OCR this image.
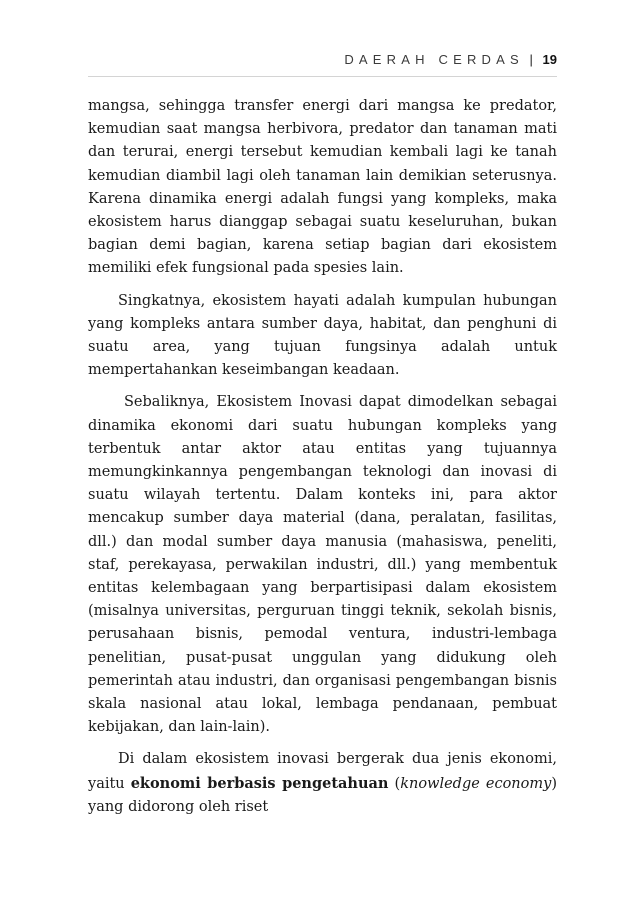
DAERAH CERDAS | 19

mangsa, sehingga transfer energi dari mangsa ke predator, kemudian saat mangsa herbivora, predator dan tanaman mati dan terurai, energi tersebut kemudian kembali lagi ke tanah kemudian diambil lagi oleh tanaman lain demikian seterusnya. Karena dinamika energi adalah fungsi yang kompleks, maka ekosistem harus dianggap sebagai suatu keseluruhan, bukan bagian demi bagian, karena setiap bagian dari ekosistem memiliki efek fungsional pada spesies lain.

Singkatnya, ekosistem hayati adalah kumpulan hubungan yang kompleks antara sumber daya, habitat, dan penghuni di suatu area, yang tujuan fungsinya adalah untuk mempertahankan keseimbangan keadaan.

Sebaliknya, Ekosistem Inovasi dapat dimodelkan sebagai dinamika ekonomi dari suatu hubungan kompleks yang terbentuk antar aktor atau entitas yang tujuannya memungkinkannya pengembangan teknologi dan inovasi di suatu wilayah tertentu. Dalam konteks ini, para aktor mencakup sumber daya material (dana, peralatan, fasilitas, dll.) dan modal sumber daya manusia (mahasiswa, peneliti, staf, perekayasa, perwakilan industri, dll.) yang membentuk entitas kelembagaan yang berpartisipasi dalam ekosistem (misalnya universitas, perguruan tinggi teknik, sekolah bisnis, perusahaan bisnis, pemodal ventura, industri-lembaga penelitian, pusat-pusat unggulan yang didukung oleh pemerintah atau industri, dan organisasi pengembangan bisnis skala nasional atau lokal, lembaga pendanaan, pembuat kebijakan, dan lain-lain).

Di dalam ekosistem inovasi bergerak dua jenis ekonomi, yaitu ekonomi berbasis pengetahuan (knowledge economy) yang didorong oleh riset
